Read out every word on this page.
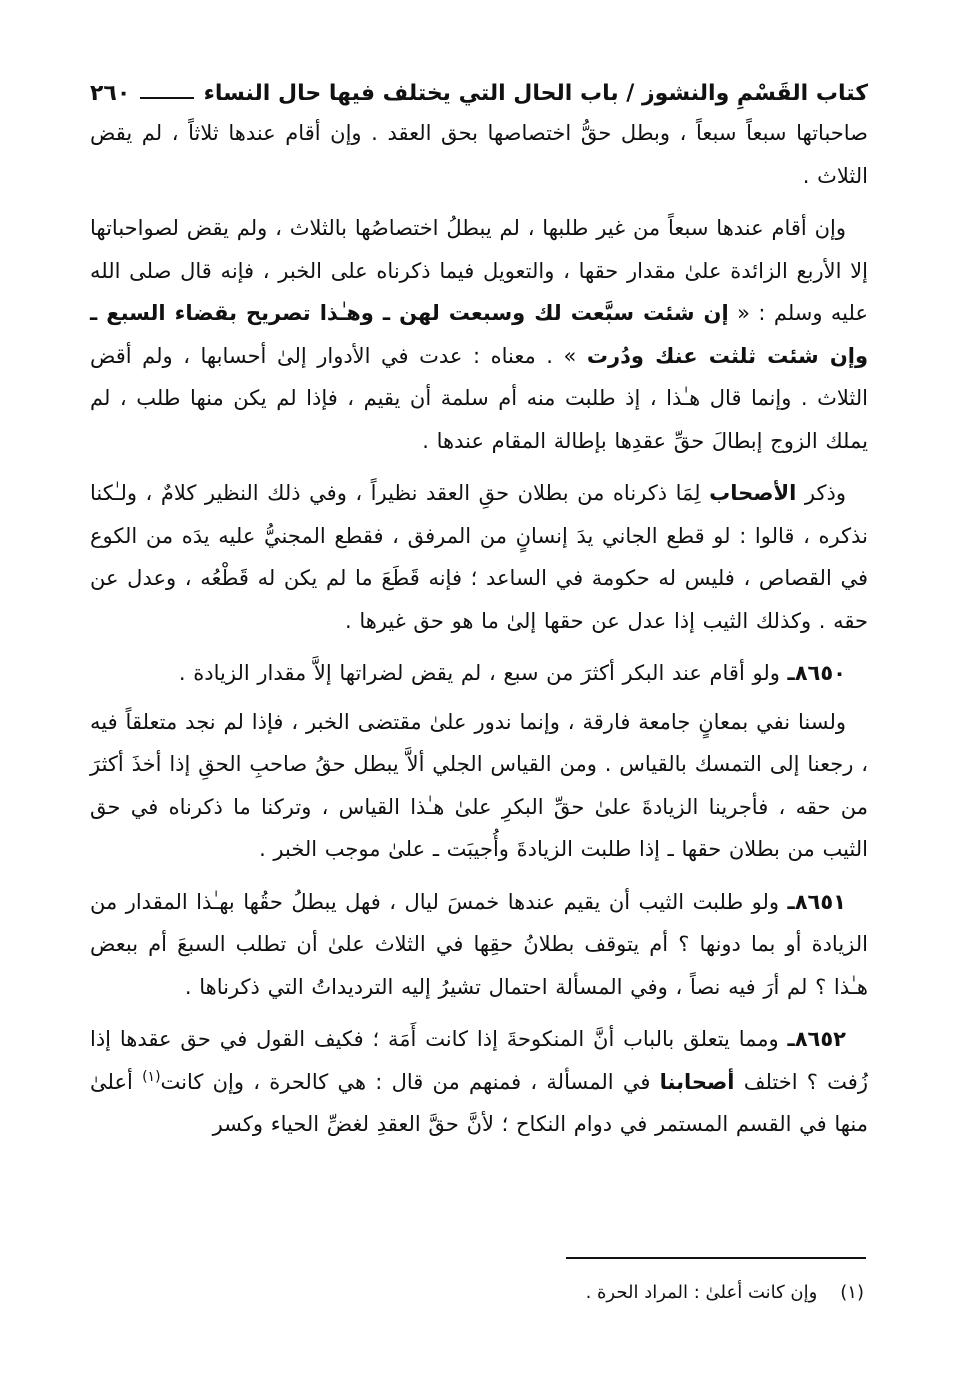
كتاب القَسْمِ والنشوز / باب الحال التي يختلف فيها حال النساء
٢٦٠

صاحباتها سبعاً سبعاً ، وبطل حقُّ اختصاصها بحق العقد . وإن أقام عندها ثلاثاً ، لم يقض الثلاث .

وإن أقام عندها سبعاً من غير طلبها ، لم يبطلُ اختصاصُها بالثلاث ، ولم يقض لصواحباتها إلا الأربع الزائدة علىٰ مقدار حقها ، والتعويل فيما ذكرناه على الخبر ، فإنه قال صلى الله عليه وسلم : « إن شئت سبَّعت لك وسبعت لهن ـ وهـٰذا تصريح بقضاء السبع ـ وإن شئت ثلثت عنك ودُرت » . معناه : عدت في الأدوار إلىٰ أحسابها ، ولم أقض الثلاث . وإنما قال هـٰذا ، إذ طلبت منه أم سلمة أن يقيم ، فإذا لم يكن منها طلب ، لم يملك الزوج إبطالَ حقِّ عقدِها بإطالة المقام عندها .

وذكر الأصحاب لِمَا ذكرناه من بطلان حقِ العقد نظيراً ، وفي ذلك النظير كلامٌ ، ولـٰكنا نذكره ، قالوا : لو قطع الجاني يدَ إنسانٍ من المرفق ، فقطع المجنيُّ عليه يدَه من الكوع في القصاص ، فليس له حكومة في الساعد ؛ فإنه قَطَعَ ما لم يكن له قَطْعُه ، وعدل عن حقه . وكذلك الثيب إذا عدل عن حقها إلىٰ ما هو حق غيرها .

٨٦٥٠ـ ولو أقام عند البكر أكثرَ من سبع ، لم يقض لضراتها إلاَّ مقدار الزيادة .

ولسنا نفي بمعانٍ جامعة فارقة ، وإنما ندور علىٰ مقتضى الخبر ، فإذا لم نجد متعلقاً فيه ، رجعنا إلى التمسك بالقياس . ومن القياس الجلي ألاَّ يبطل حقُ صاحبِ الحقِ إذا أخذَ أكثرَ من حقه ، فأجرينا الزيادةَ علىٰ حقِّ البكرِ علىٰ هـٰذا القياس ، وتركنا ما ذكرناه في حق الثيب من بطلان حقها ـ إذا طلبت الزيادةَ وأُجيبَت ـ علىٰ موجب الخبر .

٨٦٥١ـ ولو طلبت الثيب أن يقيم عندها خمسَ ليال ، فهل يبطلُ حقُها بهـٰذا المقدار من الزيادة أو بما دونها ؟ أم يتوقف بطلانُ حقِها في الثلاث علىٰ أن تطلب السبعَ أم ببعض هـٰذا ؟ لم أرَ فيه نصاً ، وفي المسألة احتمال تشيرُ إليه الترديداتُ التي ذكرناها .

٨٦٥٢ـ ومما يتعلق بالباب أنَّ المنكوحةَ إذا كانت أَمَة ؛ فكيف القول في حق عقدها إذا زُفت ؟ اختلف أصحابنا في المسألة ، فمنهم من قال : هي كالحرة ، وإن كانت$^{(١)}$ أعلىٰ منها في القسم المستمر في دوام النكاح ؛ لأنَّ حقَّ العقدِ لغضِّ الحياء وكسر

(١)    وإن كانت أعلىٰ : المراد الحرة .
